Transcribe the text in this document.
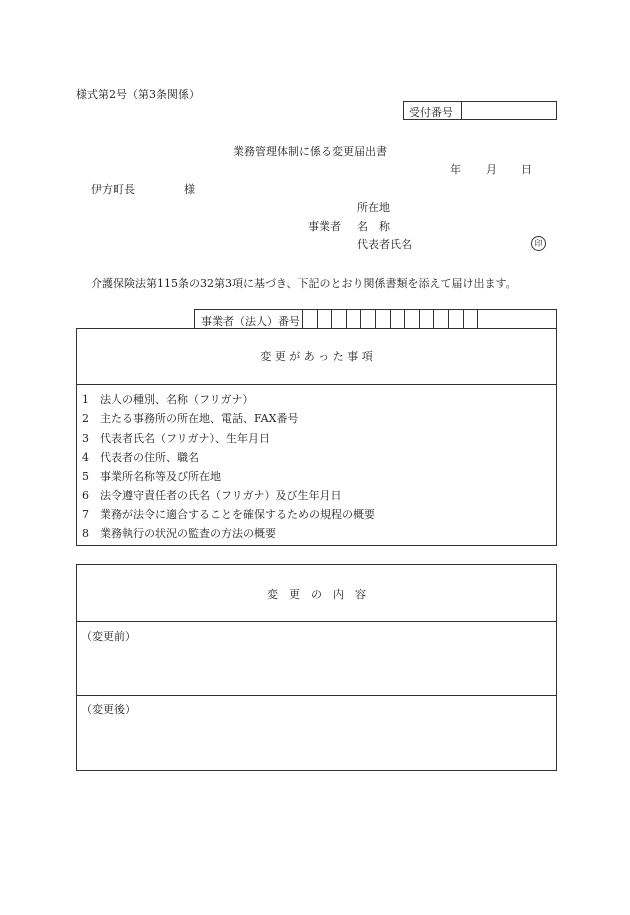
様式第2号（第3条関係）
受付番号
業務管理体制に係る変更届出書
年 月 日
伊方町長	様
所在地
事業者 名　称
代表者氏名	印
介護保険法第115条の32第3項に基づき、下記のとおり関係書類を添えて届け出ます。
事業者（法人）番号
変 更 が あ っ た 事 項
1 法人の種別、名称（フリガナ）
2 主たる事務所の所在地、電話、FAX番号
3 代表者氏名（フリガナ）、生年月日
4 代表者の住所、職名
5 事業所名称等及び所在地
6 法令遵守責任者の氏名（フリガナ）及び生年月日
7 業務が法令に適合することを確保するための規程の概要
8 業務執行の状況の監査の方法の概要
変　更　の　内　容
（変更前）
（変更後）
